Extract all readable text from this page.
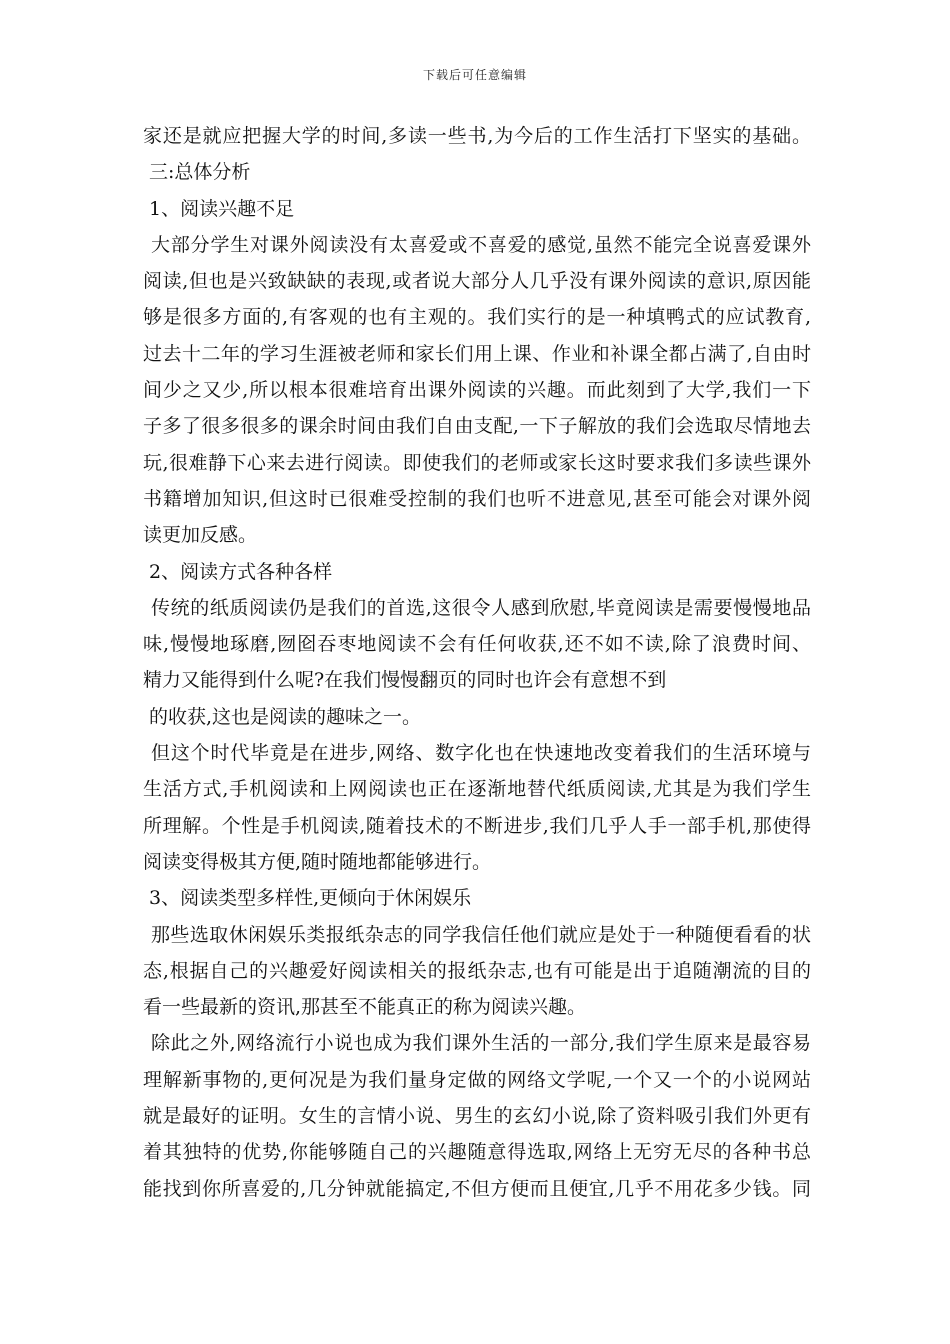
下载后可任意编辑
家还是就应把握大学的时间,多读一些书,为今后的工作生活打下坚实的基础。
三:总体分析
1、阅读兴趣不足
大部分学生对课外阅读没有太喜爱或不喜爱的感觉,虽然不能完全说喜爱课外
阅读,但也是兴致缺缺的表现,或者说大部分人几乎没有课外阅读的意识,原因能
够是很多方面的,有客观的也有主观的。我们实行的是一种填鸭式的应试教育,
过去十二年的学习生涯被老师和家长们用上课、作业和补课全都占满了,自由时
间少之又少,所以根本很难培育出课外阅读的兴趣。而此刻到了大学,我们一下
子多了很多很多的课余时间由我们自由支配,一下子解放的我们会选取尽情地去
玩,很难静下心来去进行阅读。即使我们的老师或家长这时要求我们多读些课外
书籍增加知识,但这时已很难受控制的我们也听不进意见,甚至可能会对课外阅
读更加反感。
2、阅读方式各种各样
传统的纸质阅读仍是我们的首选,这很令人感到欣慰,毕竟阅读是需要慢慢地品
味,慢慢地琢磨,囫囵吞枣地阅读不会有任何收获,还不如不读,除了浪费时间、
精力又能得到什么呢?在我们慢慢翻页的同时也许会有意想不到
的收获,这也是阅读的趣味之一。
但这个时代毕竟是在进步,网络、数字化也在快速地改变着我们的生活环境与
生活方式,手机阅读和上网阅读也正在逐渐地替代纸质阅读,尤其是为我们学生
所理解。个性是手机阅读,随着技术的不断进步,我们几乎人手一部手机,那使得
阅读变得极其方便,随时随地都能够进行。
3、阅读类型多样性,更倾向于休闲娱乐
那些选取休闲娱乐类报纸杂志的同学我信任他们就应是处于一种随便看看的状
态,根据自己的兴趣爱好阅读相关的报纸杂志,也有可能是出于追随潮流的目的
看一些最新的资讯,那甚至不能真正的称为阅读兴趣。
除此之外,网络流行小说也成为我们课外生活的一部分,我们学生原来是最容易
理解新事物的,更何况是为我们量身定做的网络文学呢,一个又一个的小说网站
就是最好的证明。女生的言情小说、男生的玄幻小说,除了资料吸引我们外更有
着其独特的优势,你能够随自己的兴趣随意得选取,网络上无穷无尽的各种书总
能找到你所喜爱的,几分钟就能搞定,不但方便而且便宜,几乎不用花多少钱。同
